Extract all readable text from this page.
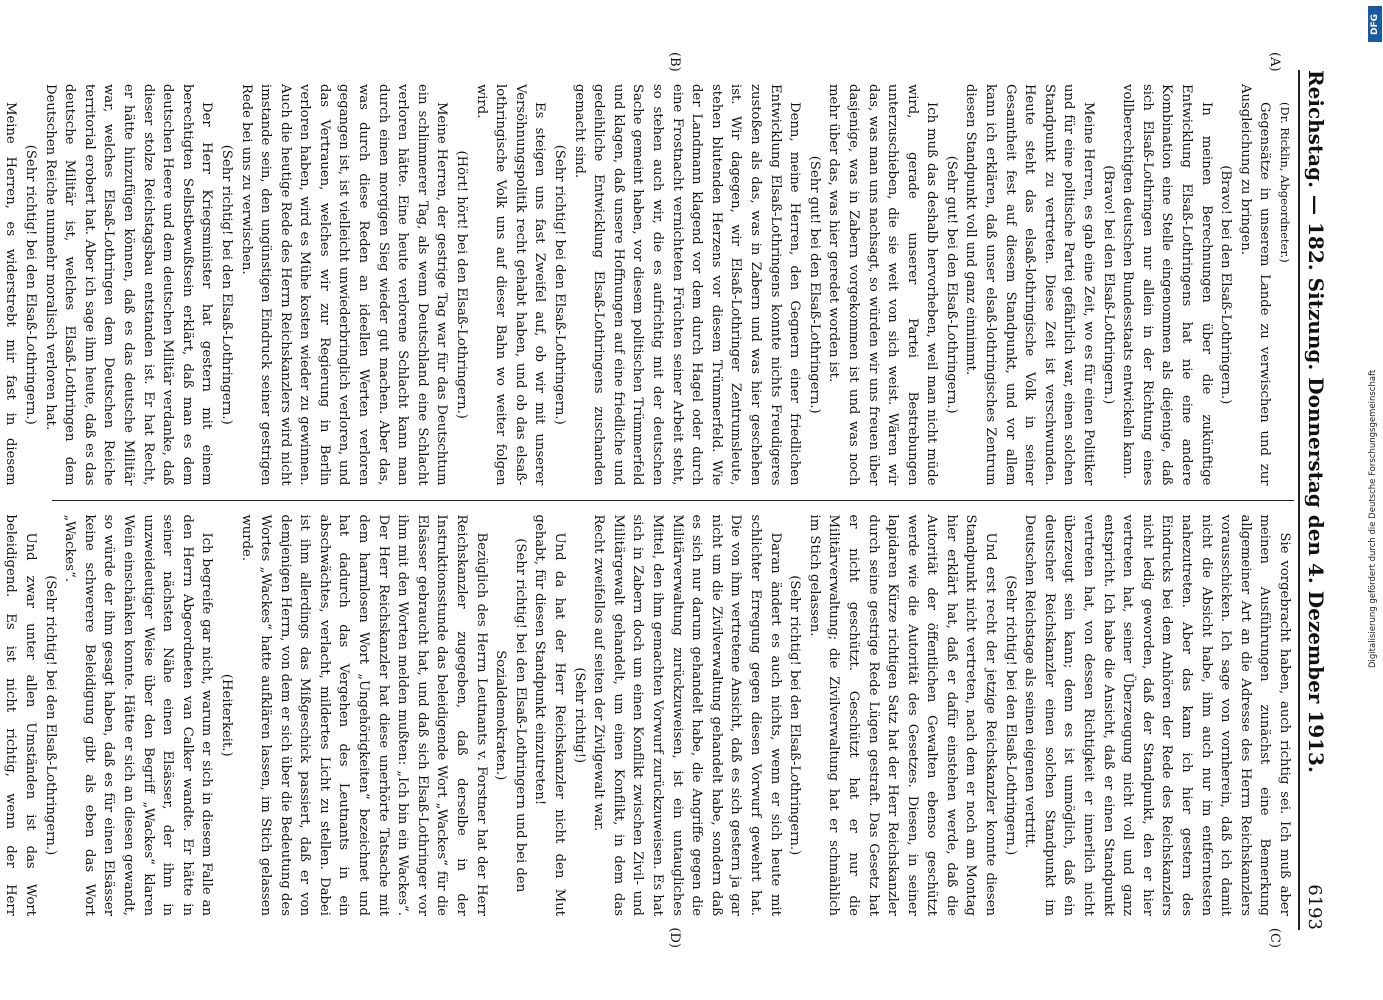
Reichstag. — 182. Sitzung. Donnerstag den 4. Dezember 1913.
6193

(Dr. Ricklin, Abgeordneter.)

Gegensätze in unserem Lande zu verwischen und zur Ausgleichung zu bringen.

(Bravo! bei den Elsaß-Lothringern.)

In meinen Berechnungen über die zukünftige Entwicklung Elsaß-Lothringens hat nie eine andere Kombination eine Stelle eingenommen als diejenige, daß sich Elsaß-Lothringen nur allein in der Richtung eines vollberechtigten deutschen Bundesstaats entwickeln kann.

(Bravo! bei den Elsaß-Lothringern.)

Meine Herren, es gab eine Zeit, wo es für einen Politiker und für eine politische Partei gefährlich war, einen solchen Standpunkt zu vertreten. Diese Zeit ist verschwunden. Heute steht das elsaß-lothringische Volk in seiner Gesamtheit fest auf diesem Standpunkt, und vor allem kann ich erklären, daß unser elsaß-lothringisches Zentrum diesen Standpunkt voll und ganz einnimmt.

(Sehr gut! bei den Elsaß-Lothringern.)

Ich muß das deshalb hervorheben, weil man nicht müde wird, gerade unserer Partei Bestrebungen unterzuschieben, die sie weit von sich weist. Wären wir das, was man uns nachsagt, so würden wir uns freuen über dasjenige, was in Zabern vorgekommen ist und was noch mehr über das, was hier geredet worden ist.

(Sehr gut! bei den Elsaß-Lothringern.)

Denn, meine Herren, den Gegnern einer friedlichen Entwicklung Elsaß-Lothringens konnte nichts Freudigeres zustoßen als das, was in Zabern und was hier geschehen ist. Wir dagegen, wir Elsaß-Lothringer Zentrumsleute, stehen blutenden Herzens vor diesem Trümmerfeld. Wie der Landmann klagend vor dem durch Hagel oder durch eine Frostnacht vernichteten Früchten seiner Arbeit steht, so stehen auch wir, die es aufrichtig mit der deutschen Sache gemeint haben, vor diesem politischen Trümmerfeld und klagen, daß unsere Hoffnungen auf eine friedliche und gedeihliche Entwicklung Elsaß-Lothringens zuschanden gemacht sind.

(Sehr richtig! bei den Elsaß-Lothringern.)

Es steigen uns fast Zweifel auf, ob wir mit unserer Versöhnungspolitik recht gehabt haben, und ob das elsaß-lothringische Volk uns auf dieser Bahn wo weiter folgen wird.

(Hört! hört! bei den Elsaß-Lothringern.)

Meine Herren, der gestrige Tag war für das Deutschtum ein schlimmerer Tag, als wenn Deutschland eine Schlacht verloren hätte. Eine heute verlorene Schlacht kann man durch einen morgigen Sieg wieder gut machen. Aber das, was durch diese Reden an ideellen Werten verloren gegangen ist, ist vielleicht unwiederbringlich verloren, und das Vertrauen, welches wir zur Regierung in Berlin verloren haben, wird es Mühe kosten wieder zu gewinnen. Auch die heutige Rede des Herrn Reichskanzlers wird nicht imstande sein, den ungünstigen Eindruck seiner gestrigen Rede bei uns zu verwischen.

(Sehr richtig! bei den Elsaß-Lothringern.)

Der Herr Kriegsminister hat gestern mit einem berechtigten Selbstbewußtsein erklärt, daß man es dem deutschen Heere und dem deutschen Militär verdanke, daß dieser stolze Reichstagsbau entstanden ist. Er hat Recht, er hätte hinzufügen können, daß es das deutsche Militär war, welches Elsaß-Lothringen dem Deutschen Reiche territorial erobert hat. Aber ich sage ihm heute, daß es das deutsche Militär ist, welches Elsaß-Lothringen dem Deutschen Reiche nunmehr moralisch verloren hat.

(Sehr richtig! bei den Elsaß-Lothringern.)

Meine Herren, es widerstrebt mir fast in diesem

Sie vorgebracht haben, auch richtig sei. Ich muß aber meinen Ausführungen zunächst eine Bemerkung allgemeiner Art an die Adresse des Herrn Reichskanzlers vorausschicken. Ich sage von vornherein, daß ich damit nicht die Absicht habe, ihm auch nur im entferntesten nahezutreten. Aber das kann ich hier gestern des Eindrucks bei dem Anhören der Rede des Reichskanzlers nicht ledig geworden, daß der Standpunkt, den er hier vertreten hat, seiner Überzeugung nicht voll und ganz entspricht. Ich habe die Ansicht, daß er einen Standpunkt vertreten hat, von dessen Richtigkeit er innerlich nicht überzeugt sein kann; denn es ist unmöglich, daß ein deutscher Reichskanzler einen solchen Standpunkt im Deutschen Reichstage als seinen eigenen vertritt.

(Sehr richtig! bei den Elsaß-Lothringern.)

Und erst recht der jetzige Reichskanzler konnte diesen Standpunkt nicht vertreten, nach dem er noch am Montag hier erklärt hat, daß er dafür einstehen werde, daß die Autorität der öffentlichen Gewalten ebenso geschützt werde wie die Autorität des Gesetzes. Diesen, in seiner lapidaren Kürze richtigen Satz hat der Herr Reichskanzler durch seine gestrige Rede Lügen gestraft. Das Gesetz hat er nicht geschützt. Geschützt hat er nur die Militärverwaltung; die Zivilverwaltung hat er schmählich im Stich gelassen.

(Sehr richtig! bei den Elsaß-Lothringern.)

Daran ändert es auch nichts, wenn er sich heute mit schlichter Erregung gegen diesen Vorwurf gewehrt hat. Die von ihm vertretene Ansicht, daß es sich gestern ja gar nicht um die Zivilverwaltung gehandelt habe, sondern daß es sich nur darum gehandelt habe, die Angriffe gegen die Militärverwaltung zurückzuweisen, ist ein untaugliches Mittel, den ihm gemachten Vorwurf zurückzuweisen. Es hat sich in Zabern doch um einen Konflikt zwischen Zivil- und Militärgewalt gehandelt, um einen Konflikt, in dem das Recht zweifellos auf seiten der Zivilgewalt war.

(Sehr richtig!)

Und da hat der Herr Reichskanzler nicht den Mut gehabt, für diesen Standpunkt einzutreten!

(Sehr richtig! bei den Elsaß-Lothringern und bei den Sozialdemokraten.)

Bezüglich des Herrn Leutnants v. Forstner hat der Herr Reichskanzler zugegeben, daß derselbe in der Instruktionsstunde das beleidigende Wort „Wackes“ für die Elsässer gebraucht hat, und daß sich Elsaß-Lothringer vor ihm mit den Worten melden mußten: „Ich bin ein Wackes“. Der Herr Reichskanzler hat diese unerhörte Tatsache mit dem harmlosen Wort „Ungehörigkeiten“ bezeichnet und hat dadurch das Vergehen des Leutnants in ein abschwächtes, verlacht, mildertes Licht zu stellen. Dabei ist ihm allerdings das Mißgeschick passiert, daß er von demjenigen Herrn, von dem er sich über die Bedeutung des Wortes „Wackes“ hatte aufklären lassen, im Stich gelassen wurde.

(Heiterkeit.)

Ich begreife gar nicht, warum er sich in diesem Falle an den Herrn Abgeordneten van Calker wandte. Er hätte in seiner nächsten Nähe einen Elsässer, der ihm in unzweideutiger Weise über den Begriff „Wackes“ klaren Wein einschänken konnte. Hätte er sich an diesen gewandt, so würde der ihm gesagt haben, daß es für einen Elsässer keine schwerere Beleidigung gibt als eben das Wort „Wackes“.

(Sehr richtig! bei den Elsaß-Lothringern.)

Und zwar unter allen Umständen ist das Wort beleidigend. Es ist nicht richtig, wenn der Herr

(A)
(B)
(C)
(D)
DFG
Digitalisierung gefördert durch die Deutsche Forschungsgemeinschaft
